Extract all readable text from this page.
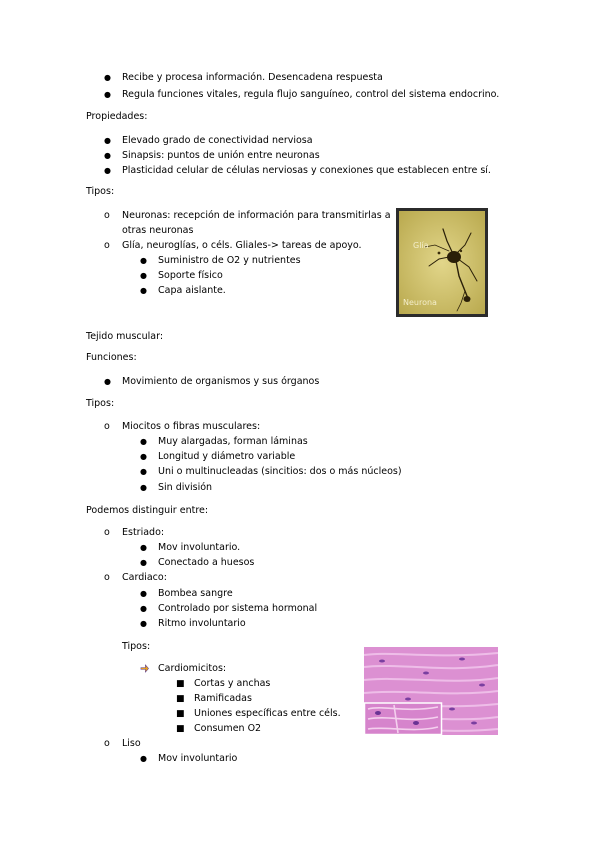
● Recibe y procesa información. Desencadena respuesta
● Regula funciones vitales, regula flujo sanguíneo, control del sistema endocrino.
Propiedades:
● Elevado grado de conectividad nerviosa
● Sinapsis: puntos de unión entre neuronas
● Plasticidad celular de células nerviosas y conexiones que establecen entre sí.
Tipos:
o Neuronas: recepción de información para transmitirlas a
otras neuronas
o Glía, neuroglías, o céls. Gliales-> tareas de apoyo.
● Suministro de O2 y nutrientes
● Soporte físico
● Capa aislante.
Glía
Neurona
Tejido muscular:
Funciones:
● Movimiento de organismos y sus órganos
Tipos:
o Miocitos o fibras musculares:
● Muy alargadas, forman láminas
● Longitud y diámetro variable
● Uni o multinucleadas (sincitios: dos o más núcleos)
● Sin división
Podemos distinguir entre:
o Estriado:
● Mov involuntario.
● Conectado a huesos
o Cardiaco:
● Bombea sangre
● Controlado por sistema hormonal
● Ritmo involuntario
Tipos:
Cardiomicitos:
■ Cortas y anchas
■ Ramificadas
■ Uniones específicas entre céls.
■ Consumen O2
o Liso
● Mov involuntario
